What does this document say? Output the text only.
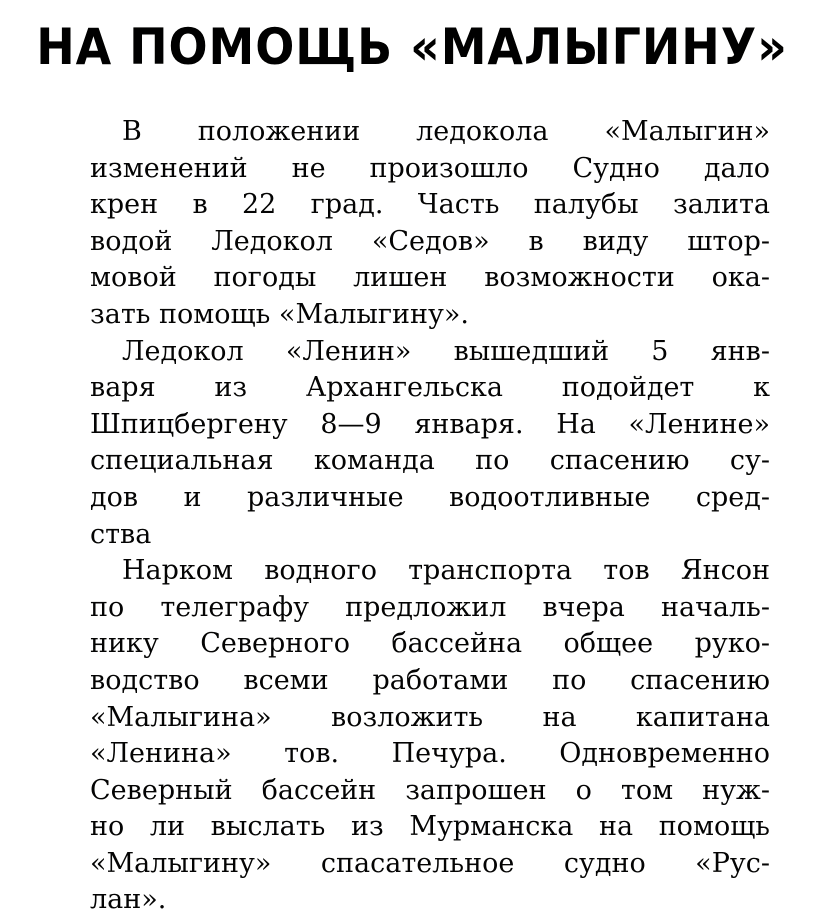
НА ПОМОЩЬ «МАЛЫГИНУ»
В положении ледокола «Малыгин»
изменений не произошло Судно дало
крен в 22 град. Часть палубы залита
водой Ледокол «Седов» в виду штор-
мовой погоды лишен возможности ока-
зать помощь «Малыгину».
Ледокол «Ленин» вышедший 5 янв-
варя из Архангельска подойдет к
Шпицбергену 8—9 января. На «Ленине»
специальная команда по спасению су-
дов и различные водоотливные сред-
ства
Нарком водного транспорта тов Янсон
по телеграфу предложил вчера началь-
нику Северного бассейна общее руко-
водство всеми работами по спасению
«Малыгина» возложить на капитана
«Ленина» тов. Печура. Одновременно
Северный бассейн запрошен о том нуж-
но ли выслать из Мурманска на помощь
«Малыгину» спасательное судно «Рус-
лан».
